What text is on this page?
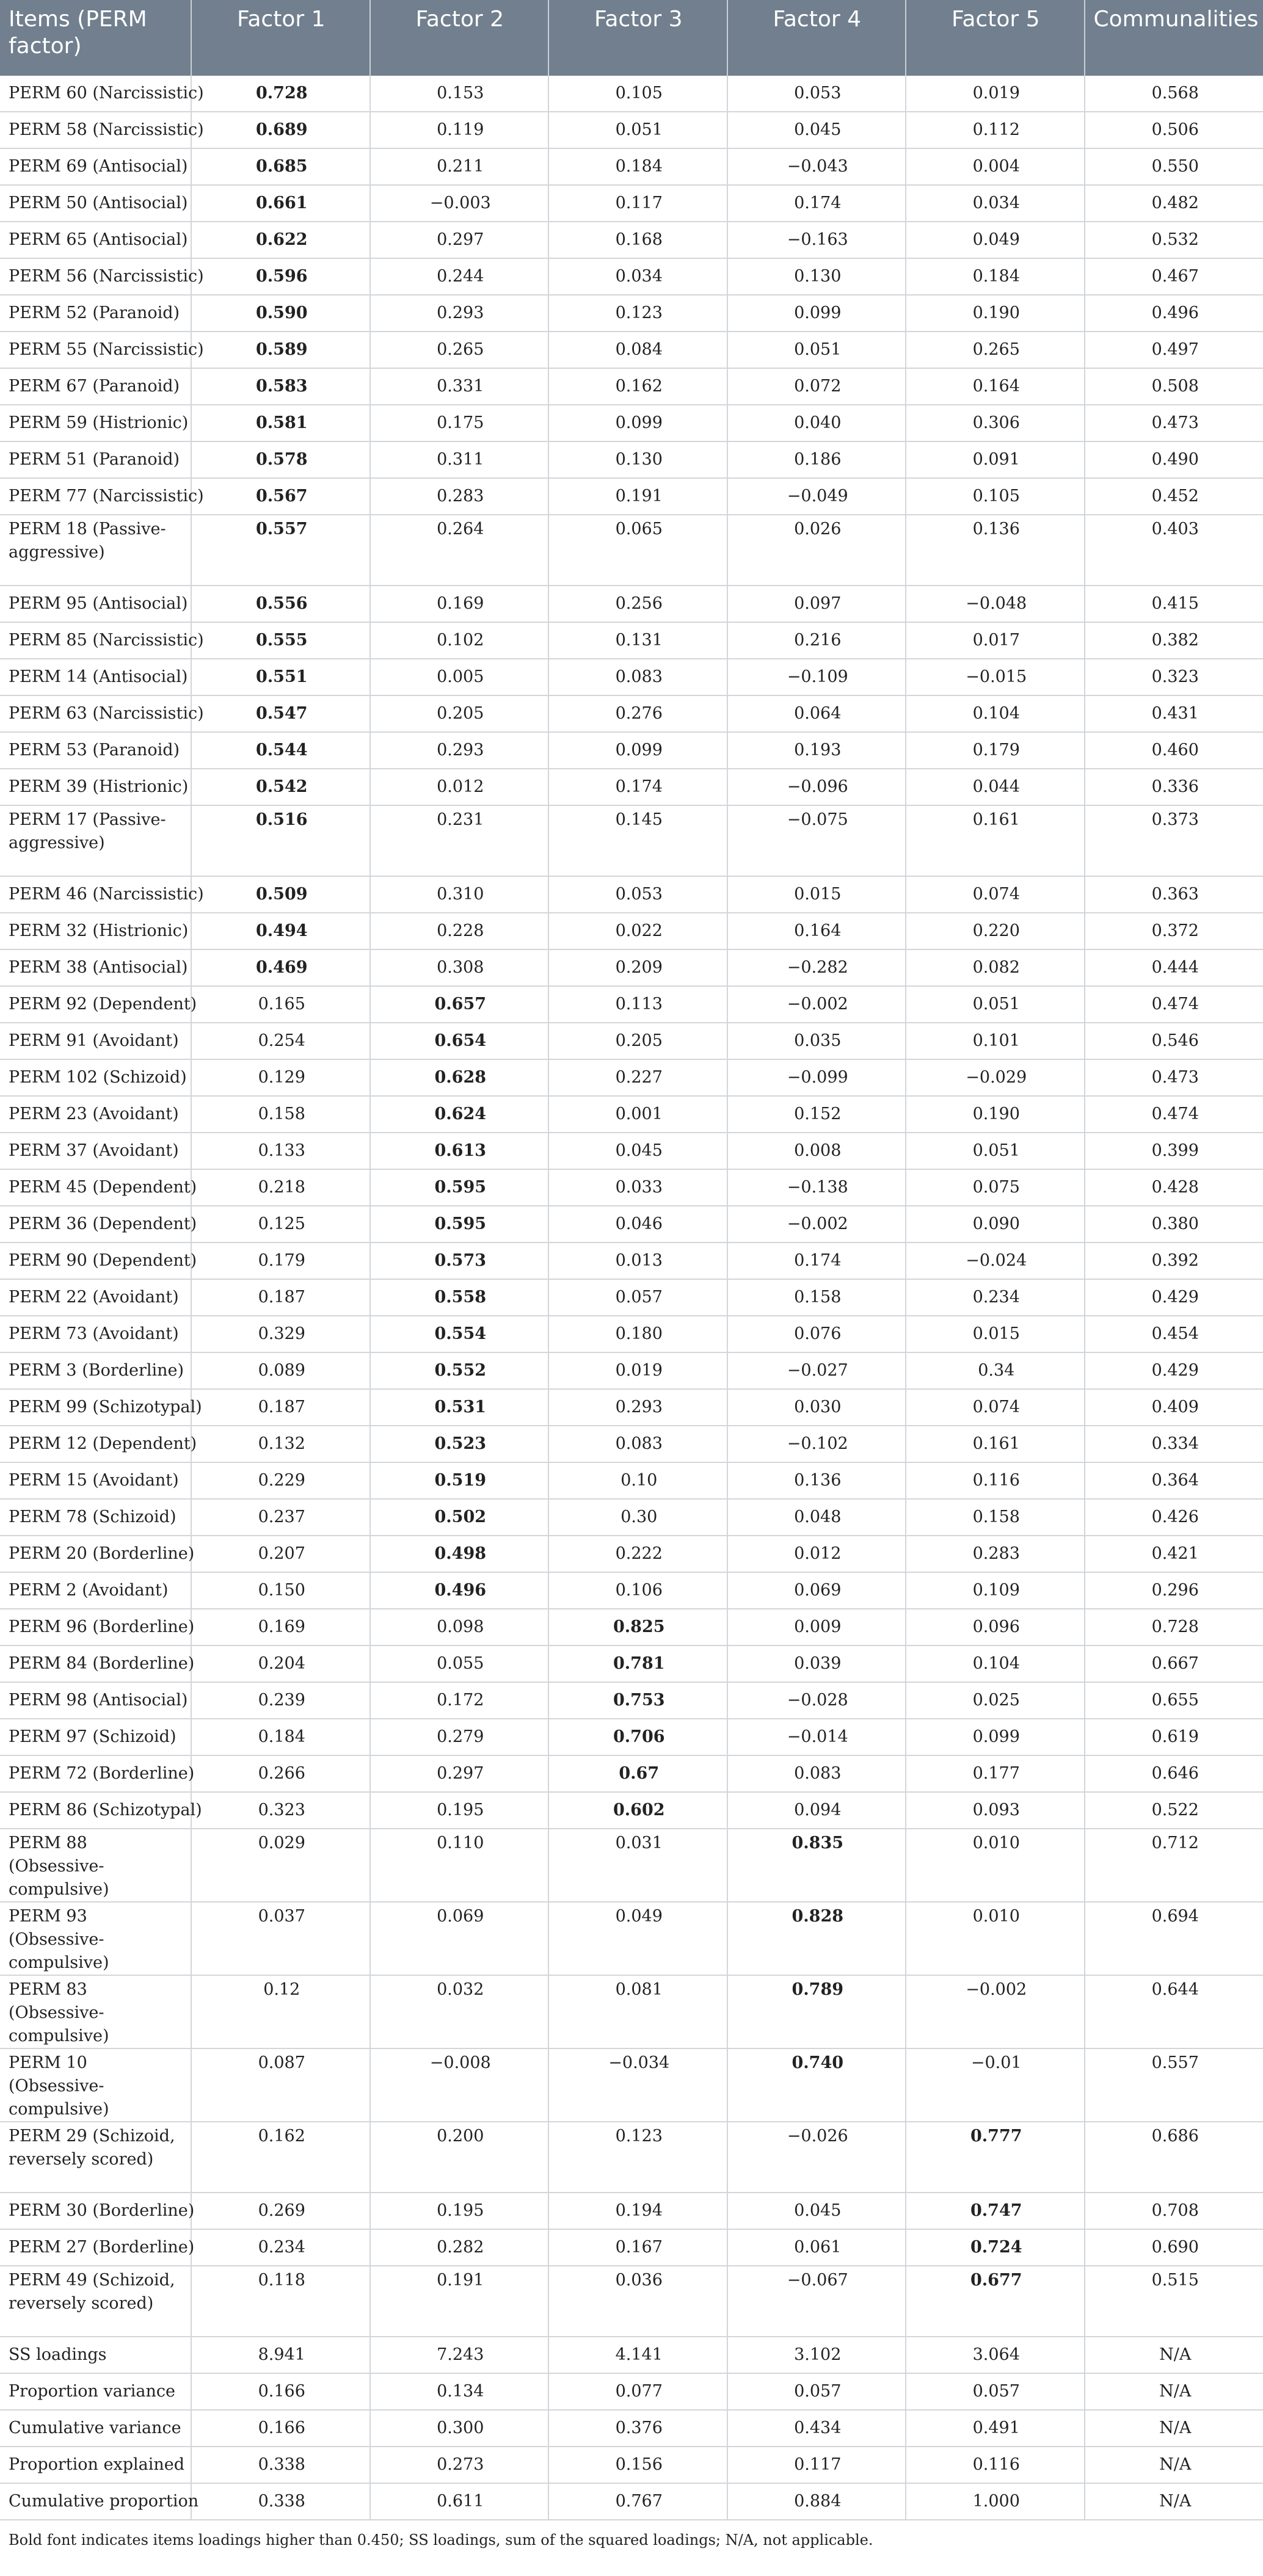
Items (PERM factor)	Factor 1	Factor 2	Factor 3	Factor 4	Factor 5	Communalities
PERM 60 (Narcissistic)	0.728	0.153	0.105	0.053	0.019	0.568
PERM 58 (Narcissistic)	0.689	0.119	0.051	0.045	0.112	0.506
PERM 69 (Antisocial)	0.685	0.211	0.184	−0.043	0.004	0.550
PERM 50 (Antisocial)	0.661	−0.003	0.117	0.174	0.034	0.482
PERM 65 (Antisocial)	0.622	0.297	0.168	−0.163	0.049	0.532
PERM 56 (Narcissistic)	0.596	0.244	0.034	0.130	0.184	0.467
PERM 52 (Paranoid)	0.590	0.293	0.123	0.099	0.190	0.496
PERM 55 (Narcissistic)	0.589	0.265	0.084	0.051	0.265	0.497
PERM 67 (Paranoid)	0.583	0.331	0.162	0.072	0.164	0.508
PERM 59 (Histrionic)	0.581	0.175	0.099	0.040	0.306	0.473
PERM 51 (Paranoid)	0.578	0.311	0.130	0.186	0.091	0.490
PERM 77 (Narcissistic)	0.567	0.283	0.191	−0.049	0.105	0.452
PERM 18 (Passive-aggressive)	0.557	0.264	0.065	0.026	0.136	0.403
PERM 95 (Antisocial)	0.556	0.169	0.256	0.097	−0.048	0.415
PERM 85 (Narcissistic)	0.555	0.102	0.131	0.216	0.017	0.382
PERM 14 (Antisocial)	0.551	0.005	0.083	−0.109	−0.015	0.323
PERM 63 (Narcissistic)	0.547	0.205	0.276	0.064	0.104	0.431
PERM 53 (Paranoid)	0.544	0.293	0.099	0.193	0.179	0.460
PERM 39 (Histrionic)	0.542	0.012	0.174	−0.096	0.044	0.336
PERM 17 (Passive-aggressive)	0.516	0.231	0.145	−0.075	0.161	0.373
PERM 46 (Narcissistic)	0.509	0.310	0.053	0.015	0.074	0.363
PERM 32 (Histrionic)	0.494	0.228	0.022	0.164	0.220	0.372
PERM 38 (Antisocial)	0.469	0.308	0.209	−0.282	0.082	0.444
PERM 92 (Dependent)	0.165	0.657	0.113	−0.002	0.051	0.474
PERM 91 (Avoidant)	0.254	0.654	0.205	0.035	0.101	0.546
PERM 102 (Schizoid)	0.129	0.628	0.227	−0.099	−0.029	0.473
PERM 23 (Avoidant)	0.158	0.624	0.001	0.152	0.190	0.474
PERM 37 (Avoidant)	0.133	0.613	0.045	0.008	0.051	0.399
PERM 45 (Dependent)	0.218	0.595	0.033	−0.138	0.075	0.428
PERM 36 (Dependent)	0.125	0.595	0.046	−0.002	0.090	0.380
PERM 90 (Dependent)	0.179	0.573	0.013	0.174	−0.024	0.392
PERM 22 (Avoidant)	0.187	0.558	0.057	0.158	0.234	0.429
PERM 73 (Avoidant)	0.329	0.554	0.180	0.076	0.015	0.454
PERM 3 (Borderline)	0.089	0.552	0.019	−0.027	0.34	0.429
PERM 99 (Schizotypal)	0.187	0.531	0.293	0.030	0.074	0.409
PERM 12 (Dependent)	0.132	0.523	0.083	−0.102	0.161	0.334
PERM 15 (Avoidant)	0.229	0.519	0.10	0.136	0.116	0.364
PERM 78 (Schizoid)	0.237	0.502	0.30	0.048	0.158	0.426
PERM 20 (Borderline)	0.207	0.498	0.222	0.012	0.283	0.421
PERM 2 (Avoidant)	0.150	0.496	0.106	0.069	0.109	0.296
PERM 96 (Borderline)	0.169	0.098	0.825	0.009	0.096	0.728
PERM 84 (Borderline)	0.204	0.055	0.781	0.039	0.104	0.667
PERM 98 (Antisocial)	0.239	0.172	0.753	−0.028	0.025	0.655
PERM 97 (Schizoid)	0.184	0.279	0.706	−0.014	0.099	0.619
PERM 72 (Borderline)	0.266	0.297	0.67	0.083	0.177	0.646
PERM 86 (Schizotypal)	0.323	0.195	0.602	0.094	0.093	0.522
PERM 88 (Obsessive-compulsive)	0.029	0.110	0.031	0.835	0.010	0.712
PERM 93 (Obsessive-compulsive)	0.037	0.069	0.049	0.828	0.010	0.694
PERM 83 (Obsessive-compulsive)	0.12	0.032	0.081	0.789	−0.002	0.644
PERM 10 (Obsessive-compulsive)	0.087	−0.008	−0.034	0.740	−0.01	0.557
PERM 29 (Schizoid, reversely scored)	0.162	0.200	0.123	−0.026	0.777	0.686
PERM 30 (Borderline)	0.269	0.195	0.194	0.045	0.747	0.708
PERM 27 (Borderline)	0.234	0.282	0.167	0.061	0.724	0.690
PERM 49 (Schizoid, reversely scored)	0.118	0.191	0.036	−0.067	0.677	0.515
SS loadings	8.941	7.243	4.141	3.102	3.064	N/A
Proportion variance	0.166	0.134	0.077	0.057	0.057	N/A
Cumulative variance	0.166	0.300	0.376	0.434	0.491	N/A
Proportion explained	0.338	0.273	0.156	0.117	0.116	N/A
Cumulative proportion	0.338	0.611	0.767	0.884	1.000	N/A
Bold font indicates items loadings higher than 0.450; SS loadings, sum of the squared loadings; N/A, not applicable.
